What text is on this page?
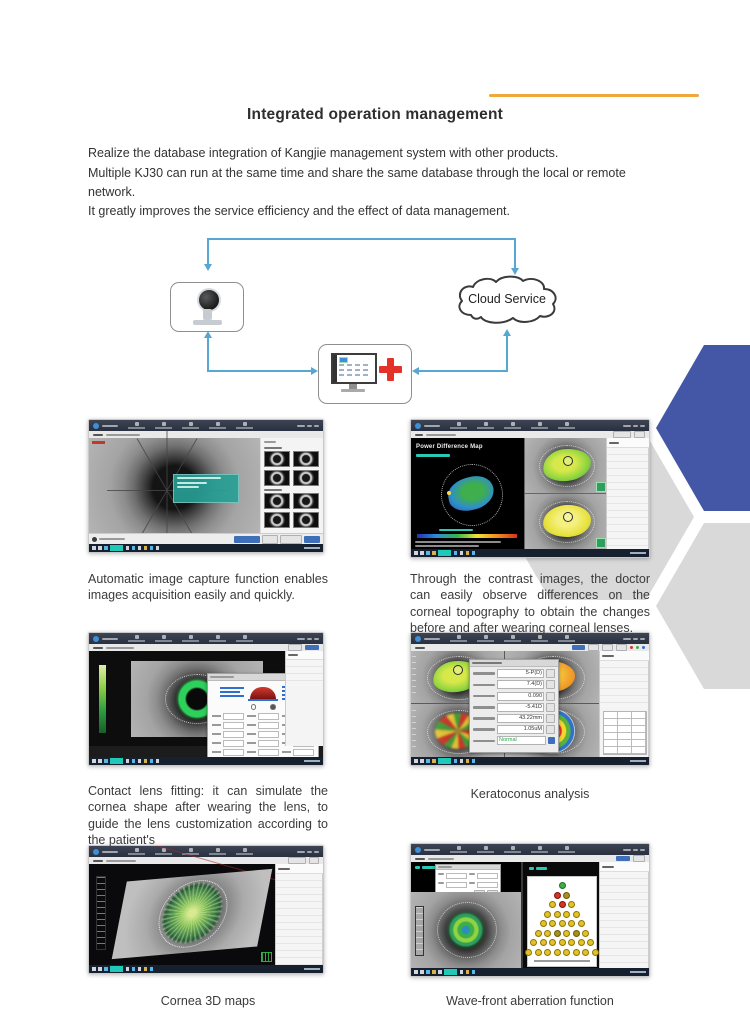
Integrated operation management

Realize the database integration of Kangjie management system with other products.

Multiple KJ30 can run at the same time and share the same database through the local or remote network.

It greatly improves the service efficiency and the effect of data management.

Cloud Service
Power Difference Map
5-P(D)
7.4(D)
0.090
-5.41D
43.22mm
1.05uM
Normal

Automatic image capture function enables images acquisition easily and quickly.

Through the contrast images, the doctor can easily observe differences on the corneal topography to obtain the changes before and after wearing corneal lenses.

Contact lens fitting: it can simulate the cornea shape after wearing the lens, to guide the lens customization according to the patient's

Keratoconus analysis

Cornea 3D maps	Wave-front aberration function
